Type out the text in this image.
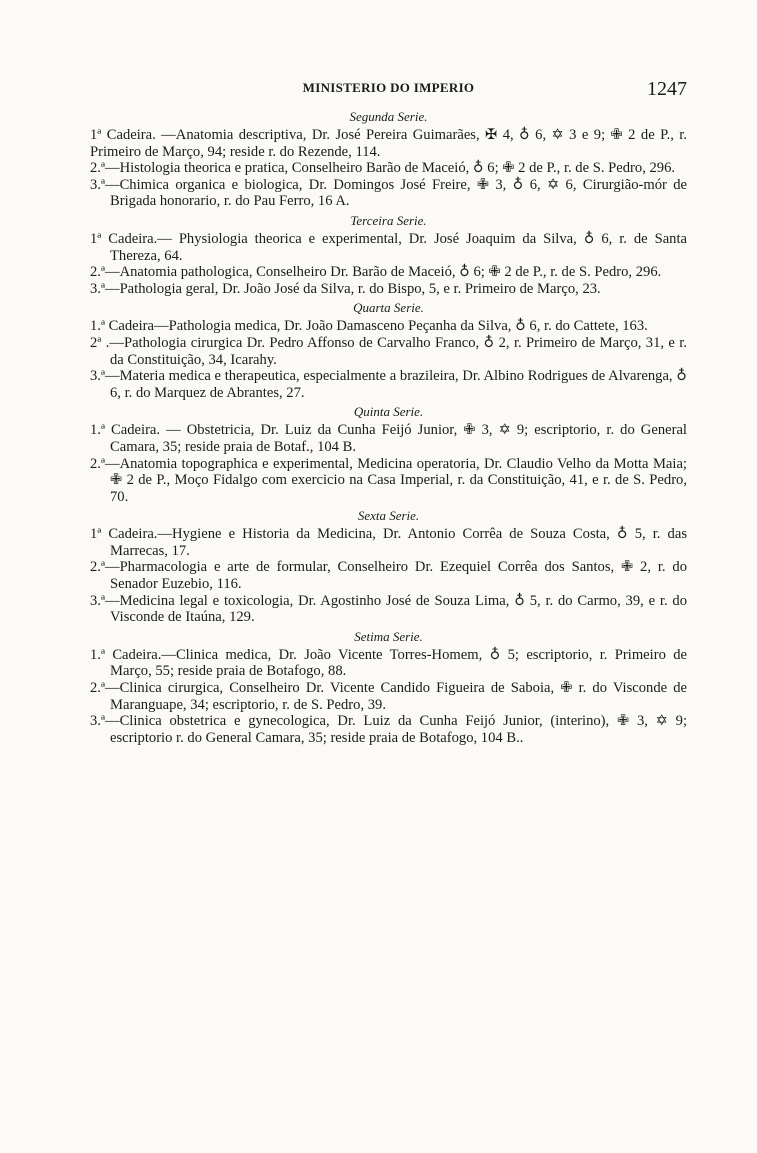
MINISTERIO DO IMPERIO	1247
Segunda Serie.

1ª Cadeira. —Anatomia descriptiva, Dr. José Pereira Guimarães, ✠ 4, ♁ 6, ✡ 3 e 9; ✙ 2 de P., r. Primeiro de Março, 94; reside r. do Rezende, 114.

2.ª—Histologia theorica e pratica, Conselheiro Barão de Maceió, ♁ 6; ✙ 2 de P., r. de S. Pedro, 296.

3.ª—Chimica organica e biologica, Dr. Domingos José Freire, ✙ 3, ♁ 6, ✡ 6, Cirurgião-mór de Brigada honorario, r. do Pau Ferro, 16 A.

Terceira Serie.

1ª Cadeira.— Physiologia theorica e experimental, Dr. José Joaquim da Silva, ♁ 6, r. de Santa Thereza, 64.

2.ª—Anatomia pathologica, Conselheiro Dr. Barão de Maceió, ♁ 6; ✙ 2 de P., r. de S. Pedro, 296.

3.ª—Pathologia geral, Dr. João José da Silva, r. do Bispo, 5, e r. Primeiro de Março, 23.

Quarta Serie.

1.ª Cadeira—Pathologia medica, Dr. João Damasceno Peçanha da Silva, ♁ 6, r. do Cattete, 163.

2ª .—Pathologia cirurgica Dr. Pedro Affonso de Carvalho Franco, ♁ 2, r. Primeiro de Março, 31, e r. da Constituição, 34, Icarahy.

3.ª—Materia medica e therapeutica, especialmente a brazileira, Dr. Albino Rodrigues de Alvarenga, ♁ 6, r. do Marquez de Abrantes, 27.

Quinta Serie.

1.ª Cadeira. — Obstetricia, Dr. Luiz da Cunha Feijó Junior, ✙ 3, ✡ 9; escriptorio, r. do General Camara, 35; reside praia de Botaf., 104 B.

2.ª—Anatomia topographica e experimental, Medicina operatoria, Dr. Claudio Velho da Motta Maia; ✙ 2 de P., Moço Fidalgo com exercicio na Casa Imperial, r. da Constituição, 41, e r. de S. Pedro, 70.

Sexta Serie.

1ª Cadeira.—Hygiene e Historia da Medicina, Dr. Antonio Corrêa de Souza Costa, ♁ 5, r. das Marrecas, 17.

2.ª—Pharmacologia e arte de formular, Conselheiro Dr. Ezequiel Corrêa dos Santos, ✙ 2, r. do Senador Euzebio, 116.

3.ª—Medicina legal e toxicologia, Dr. Agostinho José de Souza Lima, ♁ 5, r. do Carmo, 39, e r. do Visconde de Itaúna, 129.

Setima Serie.

1.ª Cadeira.—Clinica medica, Dr. João Vicente Torres-Homem, ♁ 5; escriptorio, r. Primeiro de Março, 55; reside praia de Botafogo, 88.

2.ª—Clinica cirurgica, Conselheiro Dr. Vicente Candido Figueira de Saboia, ✙ r. do Visconde de Maranguape, 34; escriptorio, r. de S. Pedro, 39.

3.ª—Clinica obstetrica e gynecologica, Dr. Luiz da Cunha Feijó Junior, (interino), ✙ 3, ✡ 9; escriptorio r. do General Camara, 35; reside praia de Botafogo, 104 B..
